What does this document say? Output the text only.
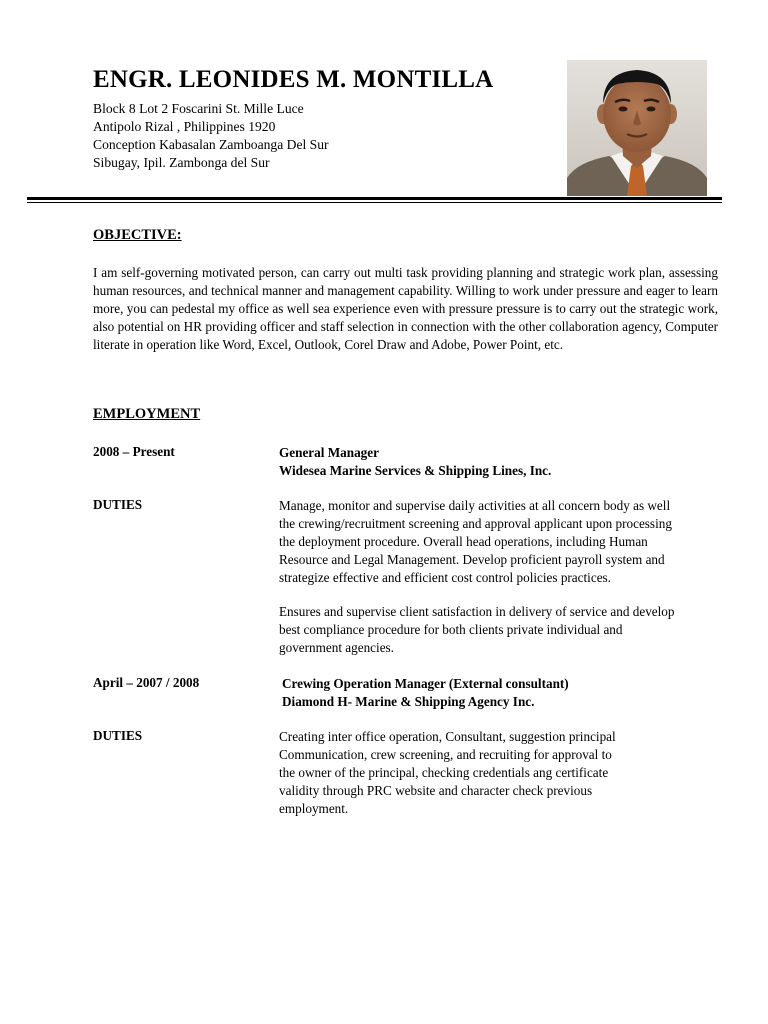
ENGR. LEONIDES M. MONTILLA
Block 8 Lot 2 Foscarini St. Mille Luce
Antipolo Rizal , Philippines 1920
Conception Kabasalan Zamboanga Del Sur
Sibugay, Ipil. Zambonga del Sur
OBJECTIVE:
I am self-governing motivated person, can carry out multi task providing planning and strategic work plan, assessing human resources, and technical manner and management capability. Willing to work under pressure and eager to learn more, you can pedestal my office as well sea experience even with pressure pressure is to carry out the strategic work, also potential on HR providing officer and staff selection in connection with the other collaboration agency, Computer literate in operation like Word, Excel, Outlook, Corel Draw and Adobe, Power Point, etc.
EMPLOYMENT
2008 – Present	General Manager
Widesea Marine Services & Shipping Lines, Inc.
DUTIES	Manage, monitor and supervise daily activities at all concern body as well
the crewing/recruitment screening and approval applicant upon processing
the deployment procedure. Overall head operations, including Human
Resource and Legal Management. Develop proficient payroll system and
strategize effective and efficient cost control policies practices.
Ensures and supervise client satisfaction in delivery of service and develop
best compliance procedure for both clients private individual and
government agencies.
April – 2007 / 2008	Crewing Operation Manager (External consultant)
Diamond H- Marine & Shipping Agency Inc.
DUTIES	Creating inter office operation, Consultant, suggestion principal
Communication, crew screening, and recruiting for approval to
the owner of the principal, checking credentials ang certificate
validity through PRC website and character check previous
employment.
